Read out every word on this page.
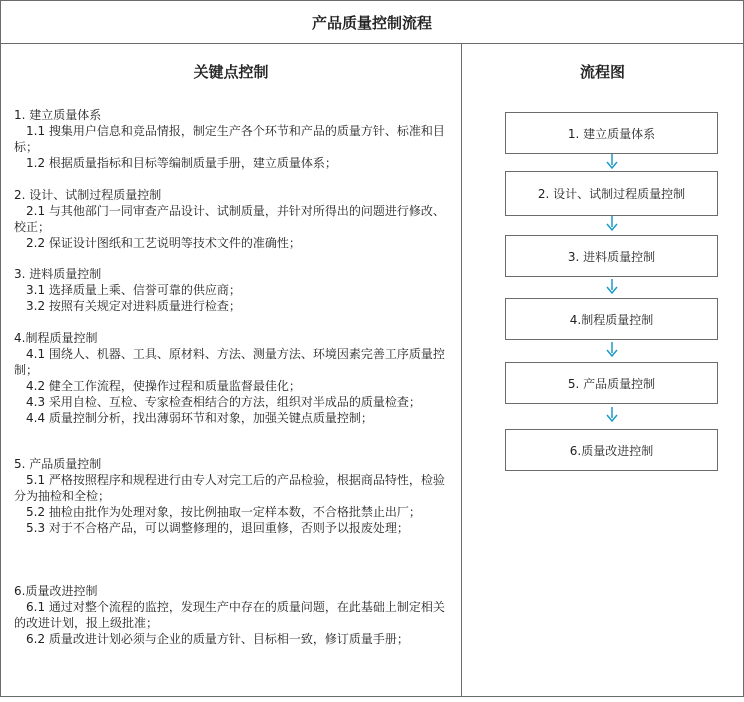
产品质量控制流程
关键点控制	流程图
1. 建立质量体系
　1.1 搜集用户信息和竞品情报，制定生产各个环节和产品的质量方针、标准和目标；
　1.2 根据质量指标和目标等编制质量手册，建立质量体系；
2. 设计、试制过程质量控制
　2.1 与其他部门一同审查产品设计、试制质量，并针对所得出的问题进行修改、校正；
　2.2 保证设计图纸和工艺说明等技术文件的准确性；
3. 进料质量控制
　3.1 选择质量上乘、信誉可靠的供应商；
　3.2 按照有关规定对进料质量进行检查；
4.制程质量控制
　4.1 围绕人、机器、工具、原材料、方法、测量方法、环境因素完善工序质量控制；
　4.2 健全工作流程，使操作过程和质量监督最佳化；
　4.3 采用自检、互检、专家检查相结合的方法，组织对半成品的质量检查；
　4.4 质量控制分析，找出薄弱环节和对象，加强关键点质量控制；
5. 产品质量控制
　5.1 严格按照程序和规程进行由专人对完工后的产品检验，根据商品特性，检验分为抽检和全检；
　5.2 抽检由批作为处理对象，按比例抽取一定样本数，不合格批禁止出厂；
　5.3 对于不合格产品，可以调整修理的，退回重修，否则予以报废处理；
6.质量改进控制
　6.1 通过对整个流程的监控，发现生产中存在的质量问题，在此基础上制定相关的改进计划，报上级批准；
　6.2 质量改进计划必须与企业的质量方针、目标相一致，修订质量手册；
1. 建立质量体系
2. 设计、试制过程质量控制
3. 进料质量控制
4.制程质量控制
5. 产品质量控制
6.质量改进控制
